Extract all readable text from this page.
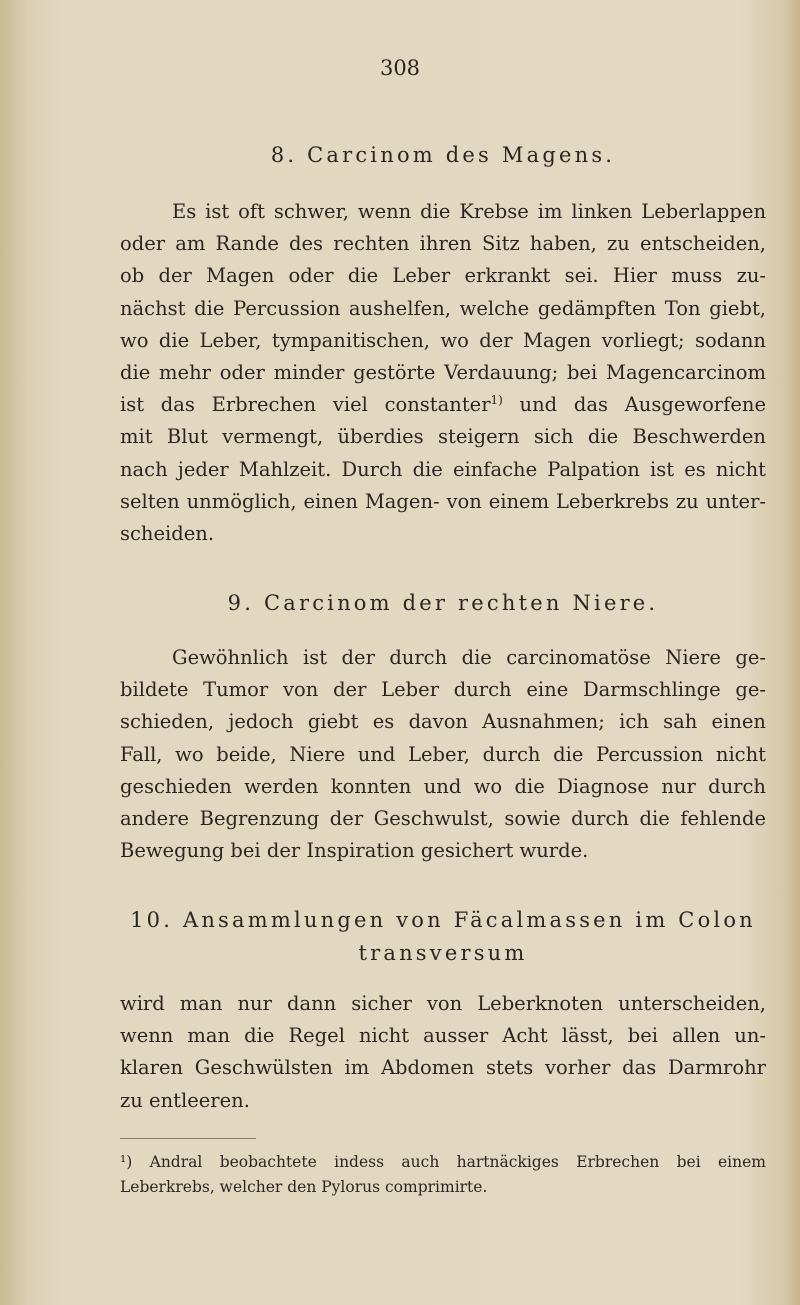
308
8. Carcinom des Magens.
Es ist oft schwer, wenn die Krebse im linken Leberlappen
oder am Rande des rechten ihren Sitz haben, zu entscheiden,
ob der Magen oder die Leber erkrankt sei. Hier muss zu-
nächst die Percussion aushelfen, welche gedämpften Ton giebt,
wo die Leber, tympanitischen, wo der Magen vorliegt; sodann
die mehr oder minder gestörte Verdauung; bei Magencarcinom
ist das Erbrechen viel constanter$^{1)}$ und das Ausgeworfene
mit Blut vermengt, überdies steigern sich die Beschwerden
nach jeder Mahlzeit. Durch die einfache Palpation ist es nicht
selten unmöglich, einen Magen- von einem Leberkrebs zu unter-
scheiden.
9. Carcinom der rechten Niere.
Gewöhnlich ist der durch die carcinomatöse Niere ge-
bildete Tumor von der Leber durch eine Darmschlinge ge-
schieden, jedoch giebt es davon Ausnahmen; ich sah einen
Fall, wo beide, Niere und Leber, durch die Percussion nicht
geschieden werden konnten und wo die Diagnose nur durch
andere Begrenzung der Geschwulst, sowie durch die fehlende
Bewegung bei der Inspiration gesichert wurde.
10. Ansammlungen von Fäcalmassen im Colon
transversum
wird man nur dann sicher von Leberknoten unterscheiden,
wenn man die Regel nicht ausser Acht lässt, bei allen un-
klaren Geschwülsten im Abdomen stets vorher das Darmrohr
zu entleeren.
¹) Andral beobachtete indess auch hartnäckiges Erbrechen bei einem
Leberkrebs, welcher den Pylorus comprimirte.
